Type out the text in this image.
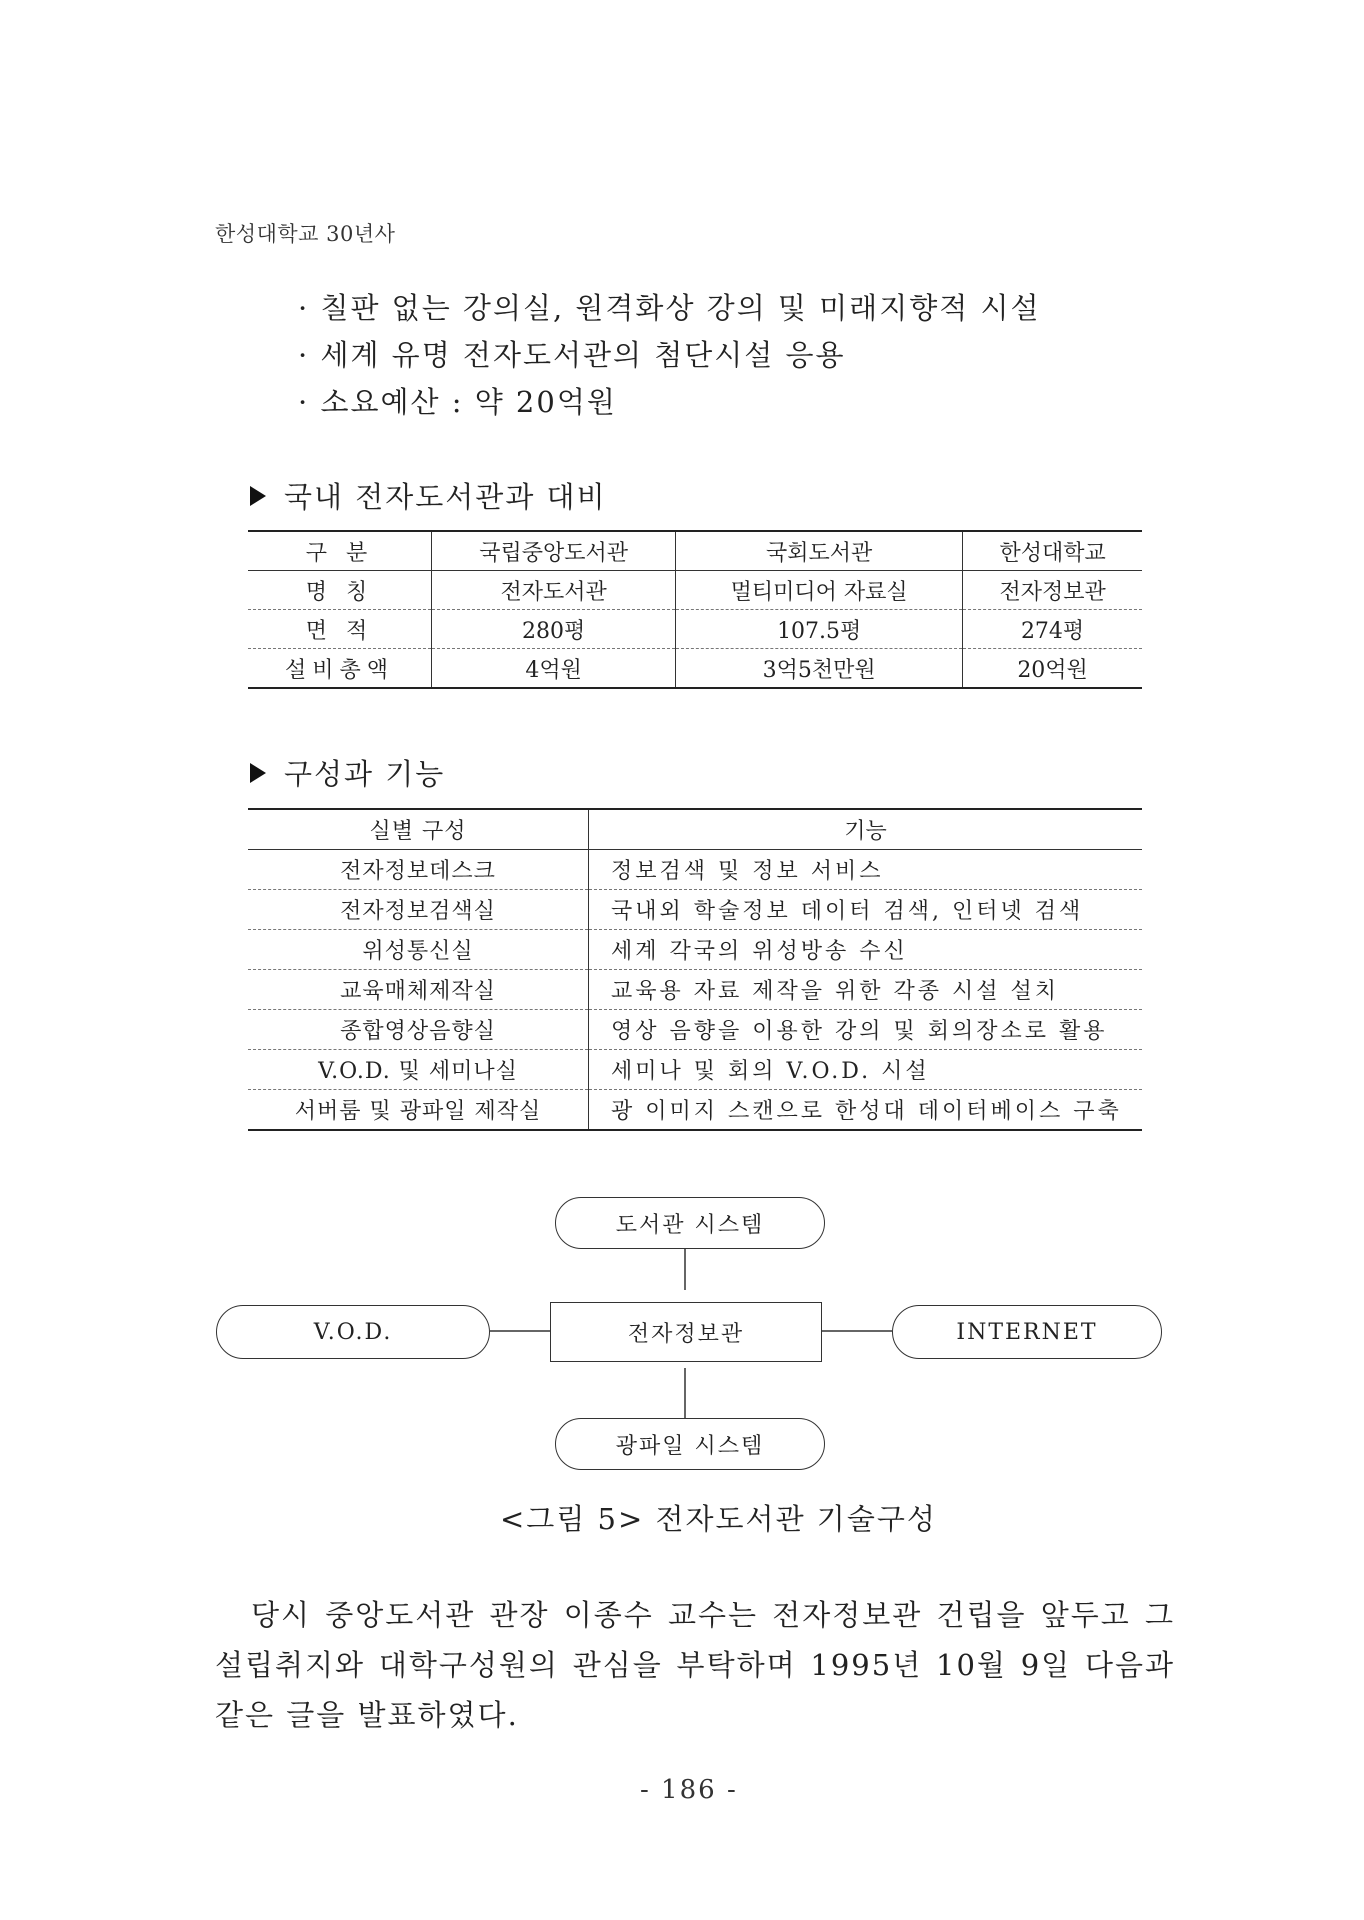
한성대학교 30년사
· 칠판 없는 강의실, 원격화상 강의 및 미래지향적 시설
· 세계 유명 전자도서관의 첨단시설 응용
· 소요예산 : 약 20억원
국내 전자도서관과 대비
구 분	국립중앙도서관	국회도서관	한성대학교
명 칭	전자도서관	멀티미디어 자료실	전자정보관
면 적	280평	107.5평	274평
설비총액	4억원	3억5천만원	20억원
구성과 기능
실별 구성	기능
전자정보데스크	정보검색 및 정보 서비스
전자정보검색실	국내외 학술정보 데이터 검색, 인터넷 검색
위성통신실	세계 각국의 위성방송 수신
교육매체제작실	교육용 자료 제작을 위한 각종 시설 설치
종합영상음향실	영상 음향을 이용한 강의 및 회의장소로 활용
V.O.D. 및 세미나실	세미나 및 회의 V.O.D. 시설
서버룸 및 광파일 제작실	광 이미지 스캔으로 한성대 데이터베이스 구축
도서관 시스템
전자정보관
광파일 시스템
V.O.D.	INTERNET
<그림 5> 전자도서관 기술구성

당시 중앙도서관 관장 이종수 교수는 전자정보관 건립을 앞두고 그 설립취지와 대학구성원의 관심을 부탁하며 1995년 10월 9일 다음과 같은 글을 발표하였다.

- 186 -
